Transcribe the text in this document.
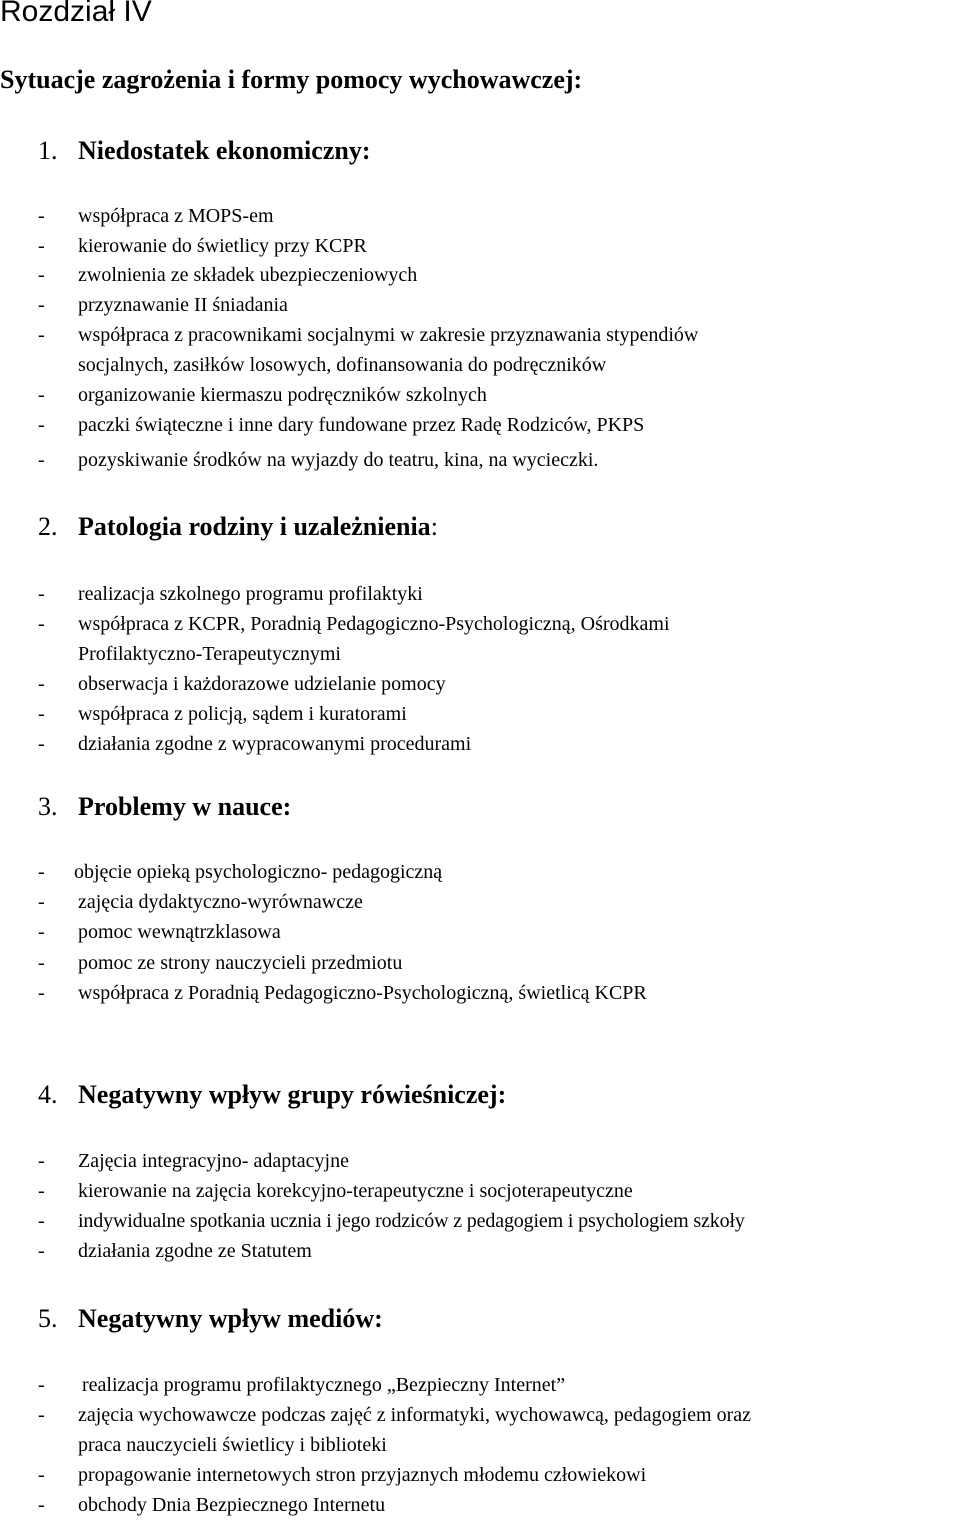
Rozdział IV
Sytuacje zagrożenia i formy pomocy wychowawczej:
1. Niedostatek ekonomiczny:
- współpraca z MOPS-em
- kierowanie do świetlicy przy KCPR
- zwolnienia ze składek ubezpieczeniowych
- przyznawanie II śniadania
- współpraca z pracownikami socjalnymi w zakresie przyznawania stypendiów
socjalnych, zasiłków losowych, dofinansowania do podręczników
- organizowanie kiermaszu podręczników szkolnych
- paczki świąteczne i inne dary fundowane przez Radę Rodziców, PKPS
- pozyskiwanie środków na wyjazdy do teatru, kina, na wycieczki.
2. Patologia rodziny i uzależnienia:
- realizacja szkolnego programu profilaktyki
- współpraca z KCPR, Poradnią Pedagogiczno-Psychologiczną, Ośrodkami
Profilaktyczno-Terapeutycznymi
- obserwacja i każdorazowe udzielanie pomocy
- współpraca z policją, sądem i kuratorami
- działania zgodne z wypracowanymi procedurami
3. Problemy w nauce:
- objęcie opieką psychologiczno- pedagogiczną
- zajęcia dydaktyczno-wyrównawcze
- pomoc wewnątrzklasowa
- pomoc ze strony nauczycieli przedmiotu
- współpraca z Poradnią Pedagogiczno-Psychologiczną, świetlicą KCPR
4. Negatywny wpływ grupy rówieśniczej:
- Zajęcia integracyjno- adaptacyjne
- kierowanie na zajęcia korekcyjno-terapeutyczne i socjoterapeutyczne
- indywidualne spotkania ucznia i jego rodziców z pedagogiem i psychologiem szkoły
- działania zgodne ze Statutem
5. Negatywny wpływ mediów:
- realizacja programu profilaktycznego „Bezpieczny Internet”
- zajęcia wychowawcze podczas zajęć z informatyki, wychowawcą, pedagogiem oraz
praca nauczycieli świetlicy i biblioteki
- propagowanie internetowych stron przyjaznych młodemu człowiekowi
- obchody Dnia Bezpiecznego Internetu
